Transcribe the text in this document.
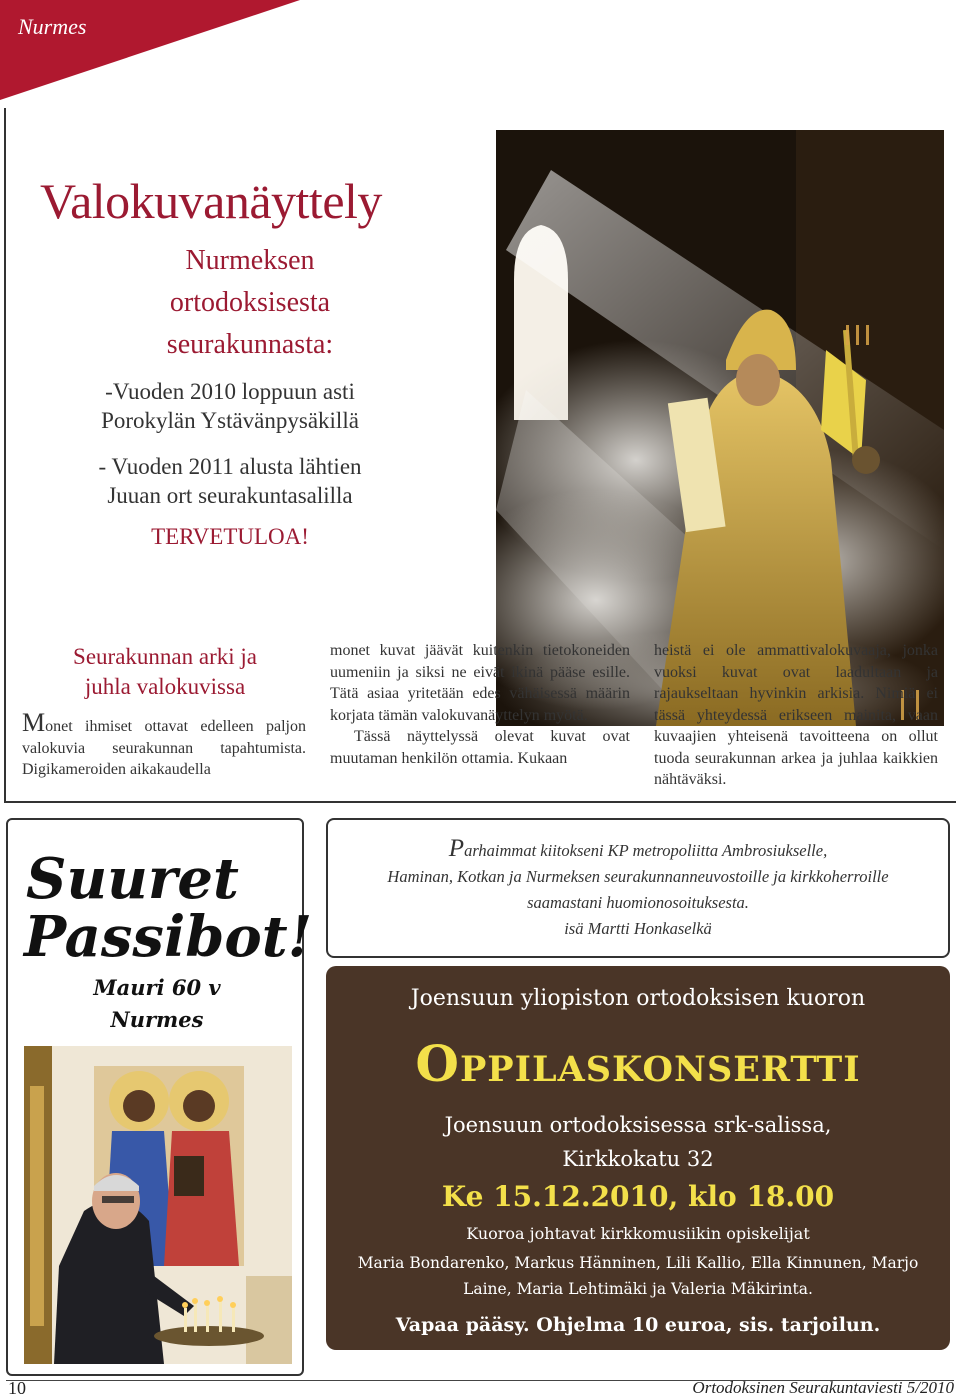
Nurmes
Valokuvanäyttely
Nurmeksen
ortodoksisesta
seurakunnasta:
-Vuoden 2010 loppuun asti
Porokylän Ystävänpysäkillä
- Vuoden 2011 alusta lähtien
Juuan ort seurakuntasalilla
TERVETULOA!
Seurakunnan arki ja
juhla valokuvissa

Monet ihmiset ottavat edelleen paljon valokuvia seurakunnan tapahtumista. Digikameroiden aikakaudella

monet kuvat jäävät kuitenkin tietokoneiden uumeniin ja siksi ne eivät ikinä pääse esille. Tätä asiaa yritetään edes vähäisessä määrin korjata tämän valokuvanäyttelyn myötä.

Tässä näyttelyssä olevat kuvat ovat muutaman henkilön ottamia. Kukaan

heistä ei ole ammattivalokuvaaja, jonka vuoksi kuvat ovat laadultaan ja rajaukseltaan hyvinkin arkisia. Nimiä ei tässä yhteydessä erikseen mainita, vaan kuvaajien yhteisenä tavoitteena on ollut tuoda seurakunnan arkea ja juhlaa kaikkien nähtäväksi.

Suuret
Passibot!
Mauri 60 v
Nurmes
Parhaimmat kiitokseni KP metropoliitta Ambrosiukselle,
Haminan, Kotkan ja Nurmeksen seurakunnanneuvostoille ja kirkkoherroille
saamastani huomionosoituksesta.
isä Martti Honkaselkä
Joensuun yliopiston ortodoksisen kuoron
Oppilaskonsertti
Joensuun ortodoksisessa srk-salissa,
Kirkkokatu 32
Ke 15.12.2010, klo 18.00
Kuoroa johtavat kirkkomusiikin opiskelijat
Maria Bondarenko, Markus Hänninen, Lili Kallio, Ella Kinnunen, Marjo
Laine, Maria Lehtimäki ja Valeria Mäkirinta.
Vapaa pääsy. Ohjelma 10 euroa, sis. tarjoilun.
10	Ortodoksinen Seurakuntaviesti 5/2010
